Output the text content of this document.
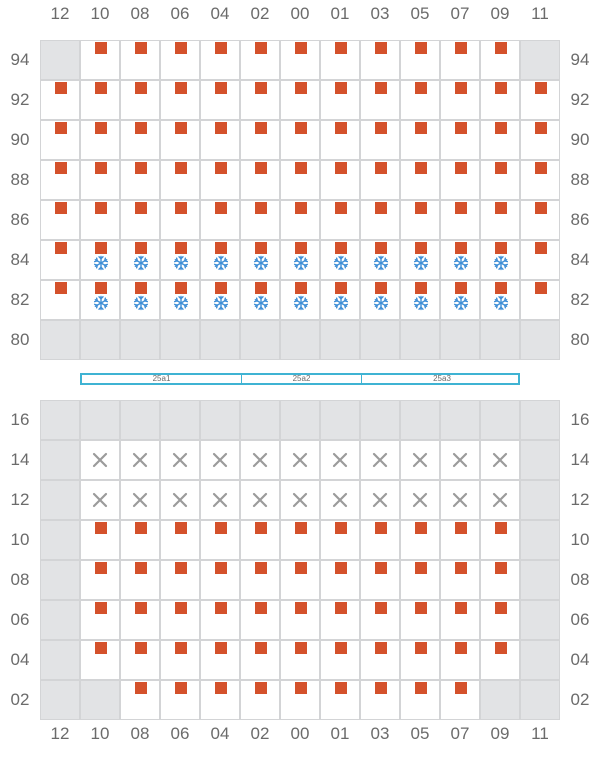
12	10	08	06	04	02	00	01	03	05	07	09	11
94	94
92	92
90	90
88	88
86	86
84	84
82	82
80	80
25a1	25a2	25a3
16	16
14	14
12	12
10	10
08	08
06	06
04	04
02	02
12	10	08	06	04	02	00	01	03	05	07	09	11
